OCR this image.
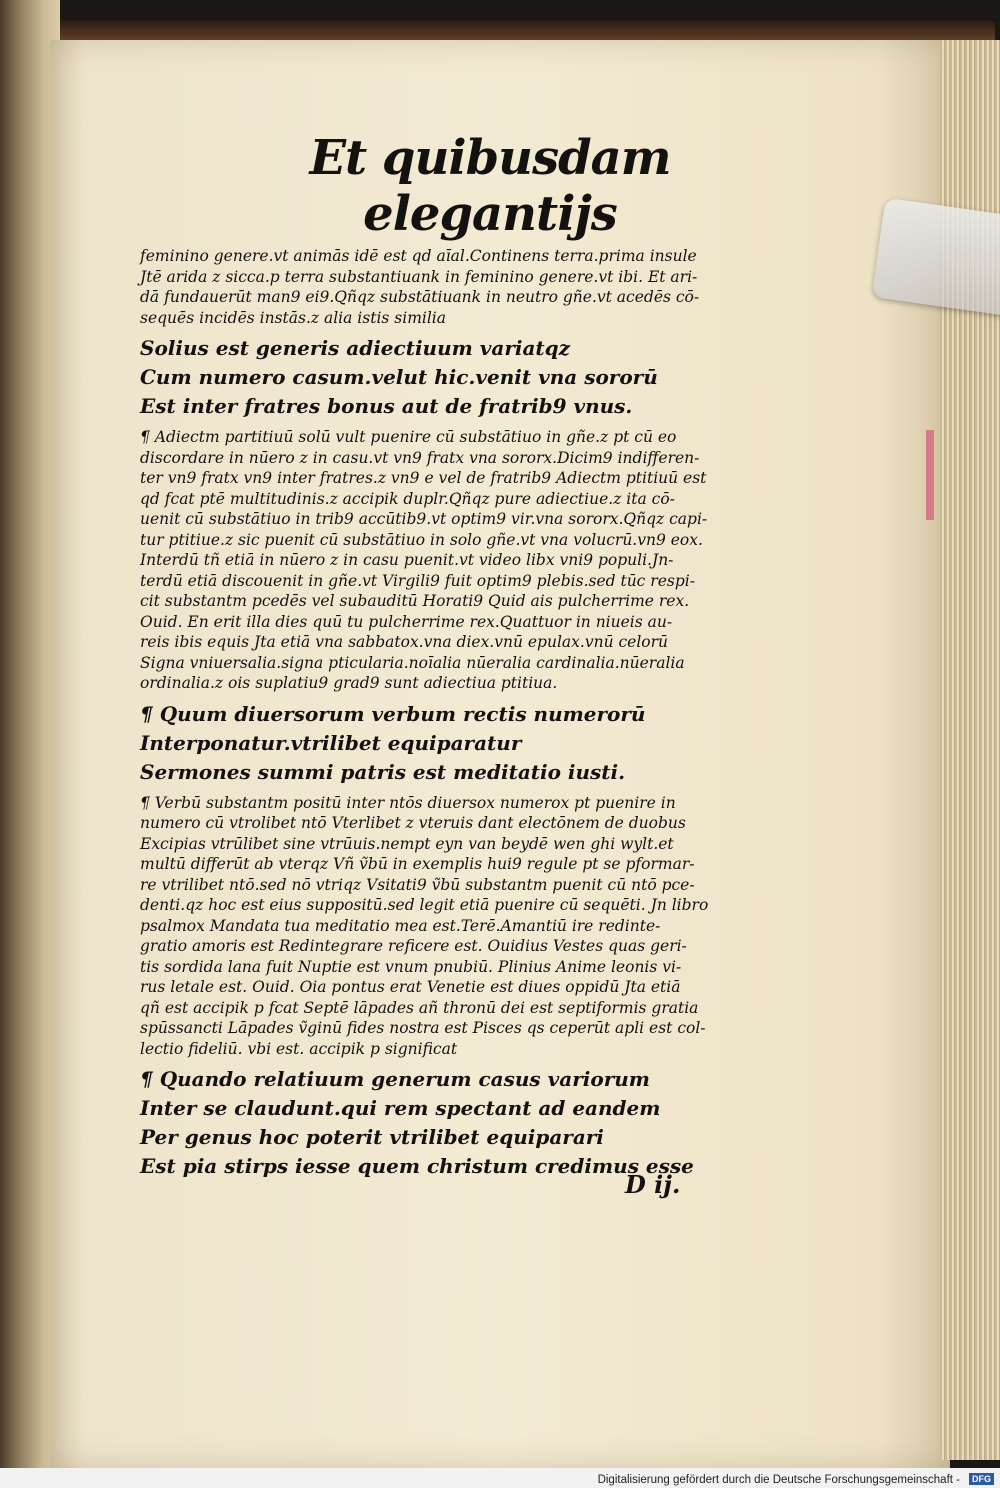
Et quibusdam elegantijs
feminino genere.vt animās idē est qd aīal.Continens terra.prima insule
Jtē arida z sicca.p terra substantiuank in feminino genere.vt ibi. Et ari-
dā fundauerūt man9 ei9.Qñqz substātiuank in neutro gñe.vt acedēs cō-
sequēs incidēs instās.z alia istis similia
Solius est generis adiectiuum variatqz
Cum numero casum.velut hic.venit vna sororū
Est inter fratres bonus aut de fratrib9 vnus.
¶ Adiectm partitiuū solū vult puenire cū substātiuo in gñe.z pt cū eo
discordare in nūero z in casu.vt vn9 fratx vna sororx.Dicim9 indifferen-
ter vn9 fratx vn9 inter fratres.z vn9 e vel de fratrib9 Adiectm ptitiuū est
qd fcat ptē multitudinis.z accipik duplr.Qñqz pure adiectiue.z ita cō-
uenit cū substātiuo in trib9 accūtib9.vt optim9 vir.vna sororx.Qñqz capi-
tur ptitiue.z sic puenit cū substātiuo in solo gñe.vt vna volucrū.vn9 eox.
Interdū tñ etiā in nūero z in casu puenit.vt video libx vni9 populi.Jn-
terdū etiā discouenit in gñe.vt Virgili9 fuit optim9 plebis.sed tūc respi-
cit substantm pcedēs vel subauditū Horati9 Quid ais pulcherrime rex.
Ouid. En erit illa dies quū tu pulcherrime rex.Quattuor in niueis au-
reis ibis equis Jta etiā vna sabbatox.vna diex.vnū epulax.vnū celorū
Signa vniuersalia.signa pticularia.noīalia nūeralia cardinalia.nūeralia
ordinalia.z ois suplatiu9 grad9 sunt adiectiua ptitiua.
¶ Quum diuersorum verbum rectis numerorū
Interponatur.vtrilibet equiparatur
Sermones summi patris est meditatio iusti.
¶ Verbū substantm positū inter ntōs diuersox numerox pt puenire in
numero cū vtrolibet ntō Vterlibet z vteruis dant electōnem de duobus
Excipias vtrūlibet sine vtrūuis.nempt eyn van beydē wen ghi wylt.et
multū differūt ab vterqz Vñ ṽbū in exemplis hui9 regule pt se pformar-
re vtrilibet ntō.sed nō vtriqz Vsitati9 ṽbū substantm puenit cū ntō pce-
denti.qz hoc est eius suppositū.sed legit etiā puenire cū sequēti. Jn libro
psalmox Mandata tua meditatio mea est.Terē.Amantiū ire redinte-
gratio amoris est Redintegrare reficere est. Ouidius Vestes quas geri-
tis sordida lana fuit Nuptie est vnum pnubiū. Plinius Anime leonis vi-
rus letale est. Ouid. Oia pontus erat Venetie est diues oppidū Jta etiā
qñ est accipik p fcat Septē lāpades añ thronū dei est septiformis gratia
spūssancti Lāpades ṽginū fides nostra est Pisces qs ceperūt apli est col-
lectio fideliū. vbi est. accipik p significat
¶ Quando relatiuum generum casus variorum
Inter se claudunt.qui rem spectant ad eandem
Per genus hoc poterit vtrilibet equiparari
Est pia stirps iesse quem christum credimus esse
D ij.
Digitalisierung gefördert durch die Deutsche Forschungsgemeinschaft -	DFG
